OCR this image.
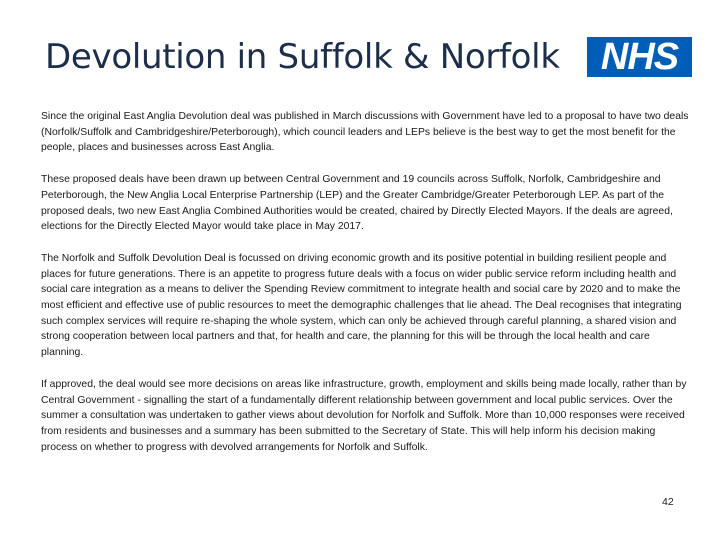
Devolution in Suffolk & Norfolk NHS

Since the original East Anglia Devolution deal was published in March discussions with Government have led to a proposal to have two deals (Norfolk/Suffolk and Cambridgeshire/Peterborough), which council leaders and LEPs believe is the best way to get the most benefit for the people, places and businesses across East Anglia.

These proposed deals have been drawn up between Central Government and 19 councils across Suffolk, Norfolk, Cambridgeshire and Peterborough, the New Anglia Local Enterprise Partnership (LEP) and the Greater Cambridge/Greater Peterborough LEP. As part of the proposed deals, two new East Anglia Combined Authorities would be created, chaired by Directly Elected Mayors. If the deals are agreed, elections for the Directly Elected Mayor would take place in May 2017.

The Norfolk and Suffolk Devolution Deal is focussed on driving economic growth and its positive potential in building resilient people and places for future generations. There is an appetite to progress future deals with a focus on wider public service reform including health and social care integration as a means to deliver the Spending Review commitment to integrate health and social care by 2020 and to make the most efficient and effective use of public resources to meet the demographic challenges that lie ahead. The Deal recognises that integrating such complex services will require re-shaping the whole system, which can only be achieved through careful planning, a shared vision and strong cooperation between local partners and that, for health and care, the planning for this will be through the local health and care planning.

If approved, the deal would see more decisions on areas like infrastructure, growth, employment and skills being made locally, rather than by Central Government - signalling the start of a fundamentally different relationship between government and local public services. Over the summer a consultation was undertaken to gather views about devolution for Norfolk and Suffolk. More than 10,000 responses were received from residents and businesses and a summary has been submitted to the Secretary of State. This will help inform his decision making process on whether to progress with devolved arrangements for Norfolk and Suffolk.

42
